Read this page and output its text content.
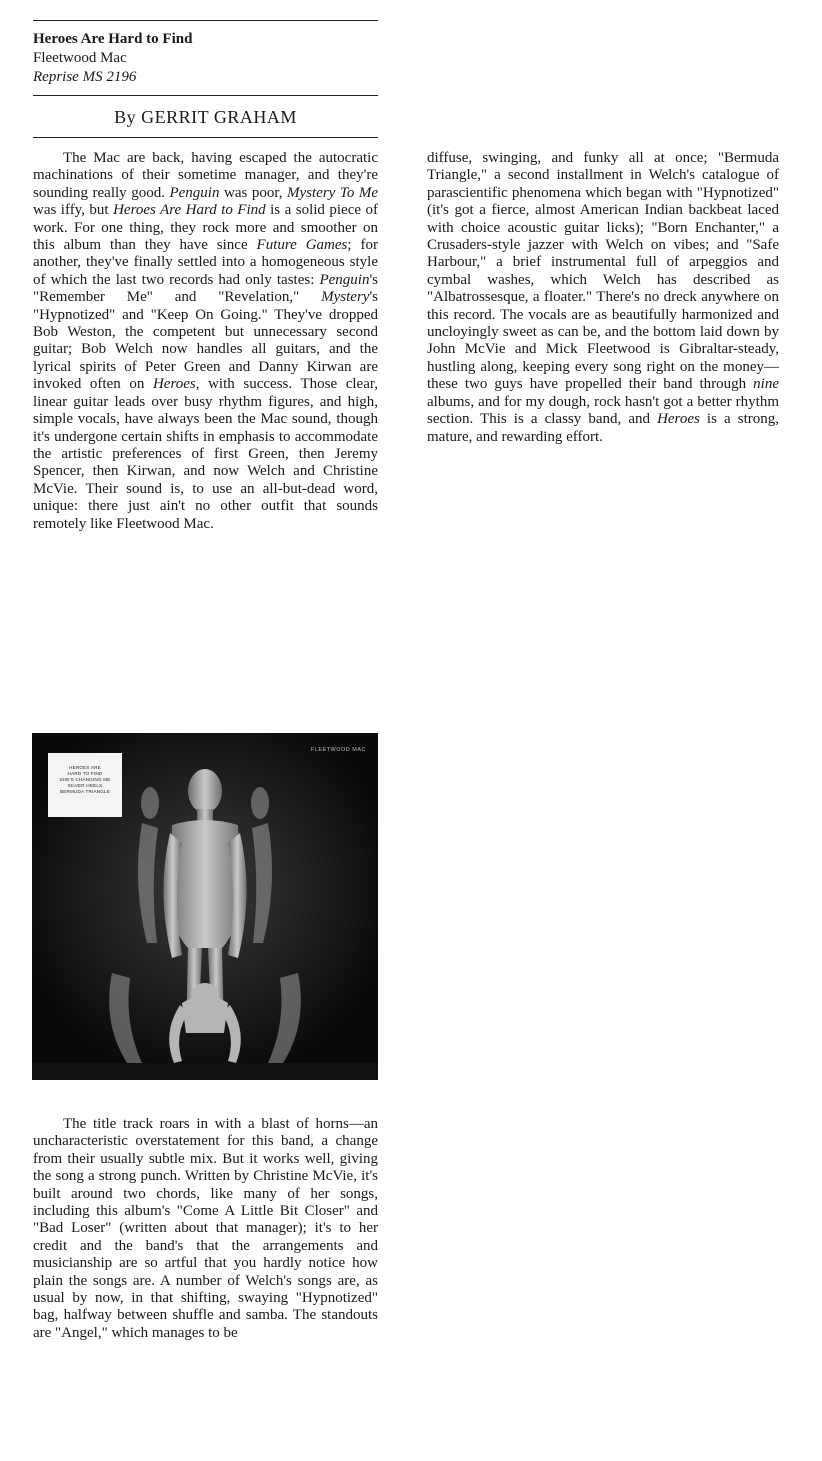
Heroes Are Hard to Find
Fleetwood Mac
Reprise MS 2196
By GERRIT GRAHAM

The Mac are back, having escaped the autocratic machinations of their sometime manager, and they're sounding really good. Penguin was poor, Mystery To Me was iffy, but Heroes Are Hard to Find is a solid piece of work. For one thing, they rock more and smoother on this album than they have since Future Games; for another, they've finally settled into a homogeneous style of which the last two records had only tastes: Penguin's "Remember Me" and "Revelation," Mystery's "Hypnotized" and "Keep On Going." They've dropped Bob Weston, the competent but unnecessary second guitar; Bob Welch now handles all guitars, and the lyrical spirits of Peter Green and Danny Kirwan are invoked often on Heroes, with success. Those clear, linear guitar leads over busy rhythm figures, and high, simple vocals, have always been the Mac sound, though it's undergone certain shifts in emphasis to accommodate the artistic preferences of first Green, then Jeremy Spencer, then Kirwan, and now Welch and Christine McVie. Their sound is, to use an all-but-dead word, unique: there just ain't no other outfit that sounds remotely like Fleetwood Mac.

HEROES ARE
HARD TO FIND
SHE'S CHANGING ME
SILVER HEELS
BERMUDA TRIANGLE
FLEETWOOD MAC

The title track roars in with a blast of horns—an uncharacteristic overstatement for this band, a change from their usually subtle mix. But it works well, giving the song a strong punch. Written by Christine McVie, it's built around two chords, like many of her songs, including this album's "Come A Little Bit Closer" and "Bad Loser" (written about that manager); it's to her credit and the band's that the arrangements and musicianship are so artful that you hardly notice how plain the songs are. A number of Welch's songs are, as usual by now, in that shifting, swaying "Hypnotized" bag, halfway between shuffle and samba. The standouts are "Angel," which manages to be

diffuse, swinging, and funky all at once; "Bermuda Triangle," a second installment in Welch's catalogue of parascientific phenomena which began with "Hypnotized" (it's got a fierce, almost American Indian backbeat laced with choice acoustic guitar licks); "Born Enchanter," a Crusaders-style jazzer with Welch on vibes; and "Safe Harbour," a brief instrumental full of arpeggios and cymbal washes, which Welch has described as "Albatrossesque, a floater." There's no dreck anywhere on this record. The vocals are as beautifully harmonized and uncloyingly sweet as can be, and the bottom laid down by John McVie and Mick Fleetwood is Gibraltar-steady, hustling along, keeping every song right on the money—these two guys have propelled their band through nine albums, and for my dough, rock hasn't got a better rhythm section. This is a classy band, and Heroes is a strong, mature, and rewarding effort.
